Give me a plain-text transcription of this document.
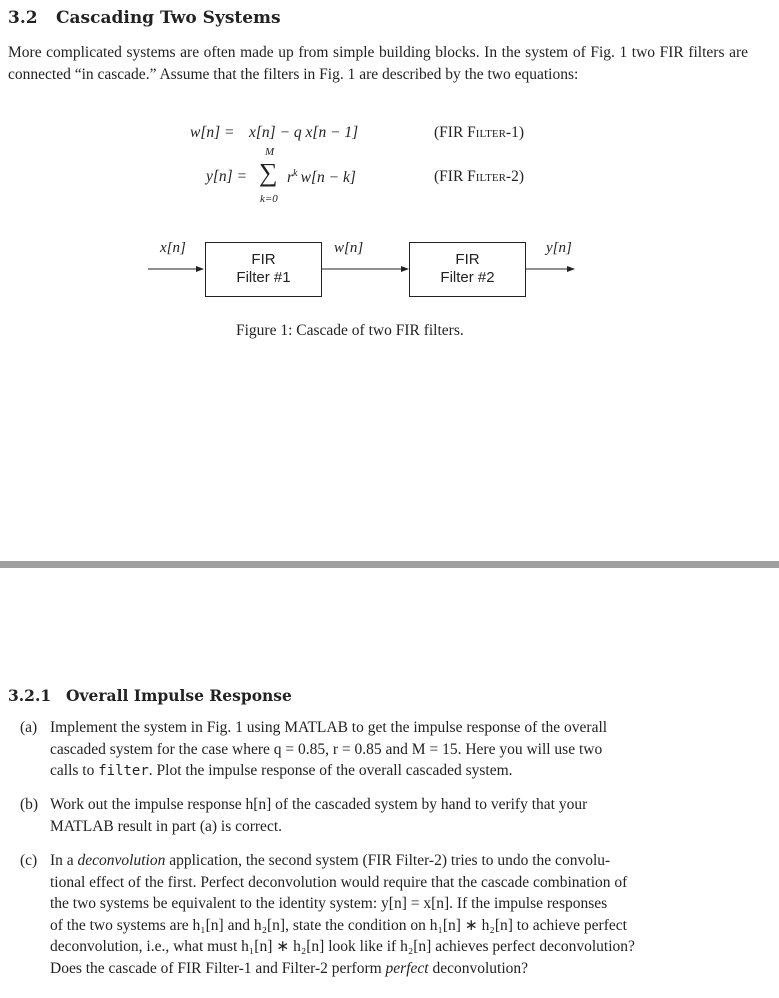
3.2 Cascading Two Systems
More complicated systems are often made up from simple building blocks. In the system of Fig. 1 two FIR filters are connected “in cascade.” Assume that the filters in Fig. 1 are described by the two equations:
w[n] = x[n] − q x[n − 1]	(FIR Filter-1)
y[n] =
M
∑
k=0
$r^k$  w[n − k]	(FIR Filter-2)
x[n]
FIR
Filter #1
w[n]
FIR
Filter #2
y[n]
Figure 1: Cascade of two FIR filters.
3.2.1 Overall Impulse Response
(a) Implement the system in Fig. 1 using MATLAB to get the impulse response of the overall
cascaded system for the case where q = 0.85, r = 0.85 and M = 15. Here you will use two
calls to filter. Plot the impulse response of the overall cascaded system.
(b) Work out the impulse response h[n] of the cascaded system by hand to verify that your
MATLAB result in part (a) is correct.
(c) In a deconvolution application, the second system (FIR Filter-2) tries to undo the convolu-
tional effect of the first. Perfect deconvolution would require that the cascade combination of
the two systems be equivalent to the identity system: y[n] = x[n]. If the impulse responses
of the two systems are h₁[n] and h₂[n], state the condition on h₁[n] ∗ h₂[n] to achieve perfect
deconvolution, i.e., what must h₁[n] ∗ h₂[n] look like if h₂[n] achieves perfect deconvolution?
Does the cascade of FIR Filter-1 and Filter-2 perform perfect deconvolution?
